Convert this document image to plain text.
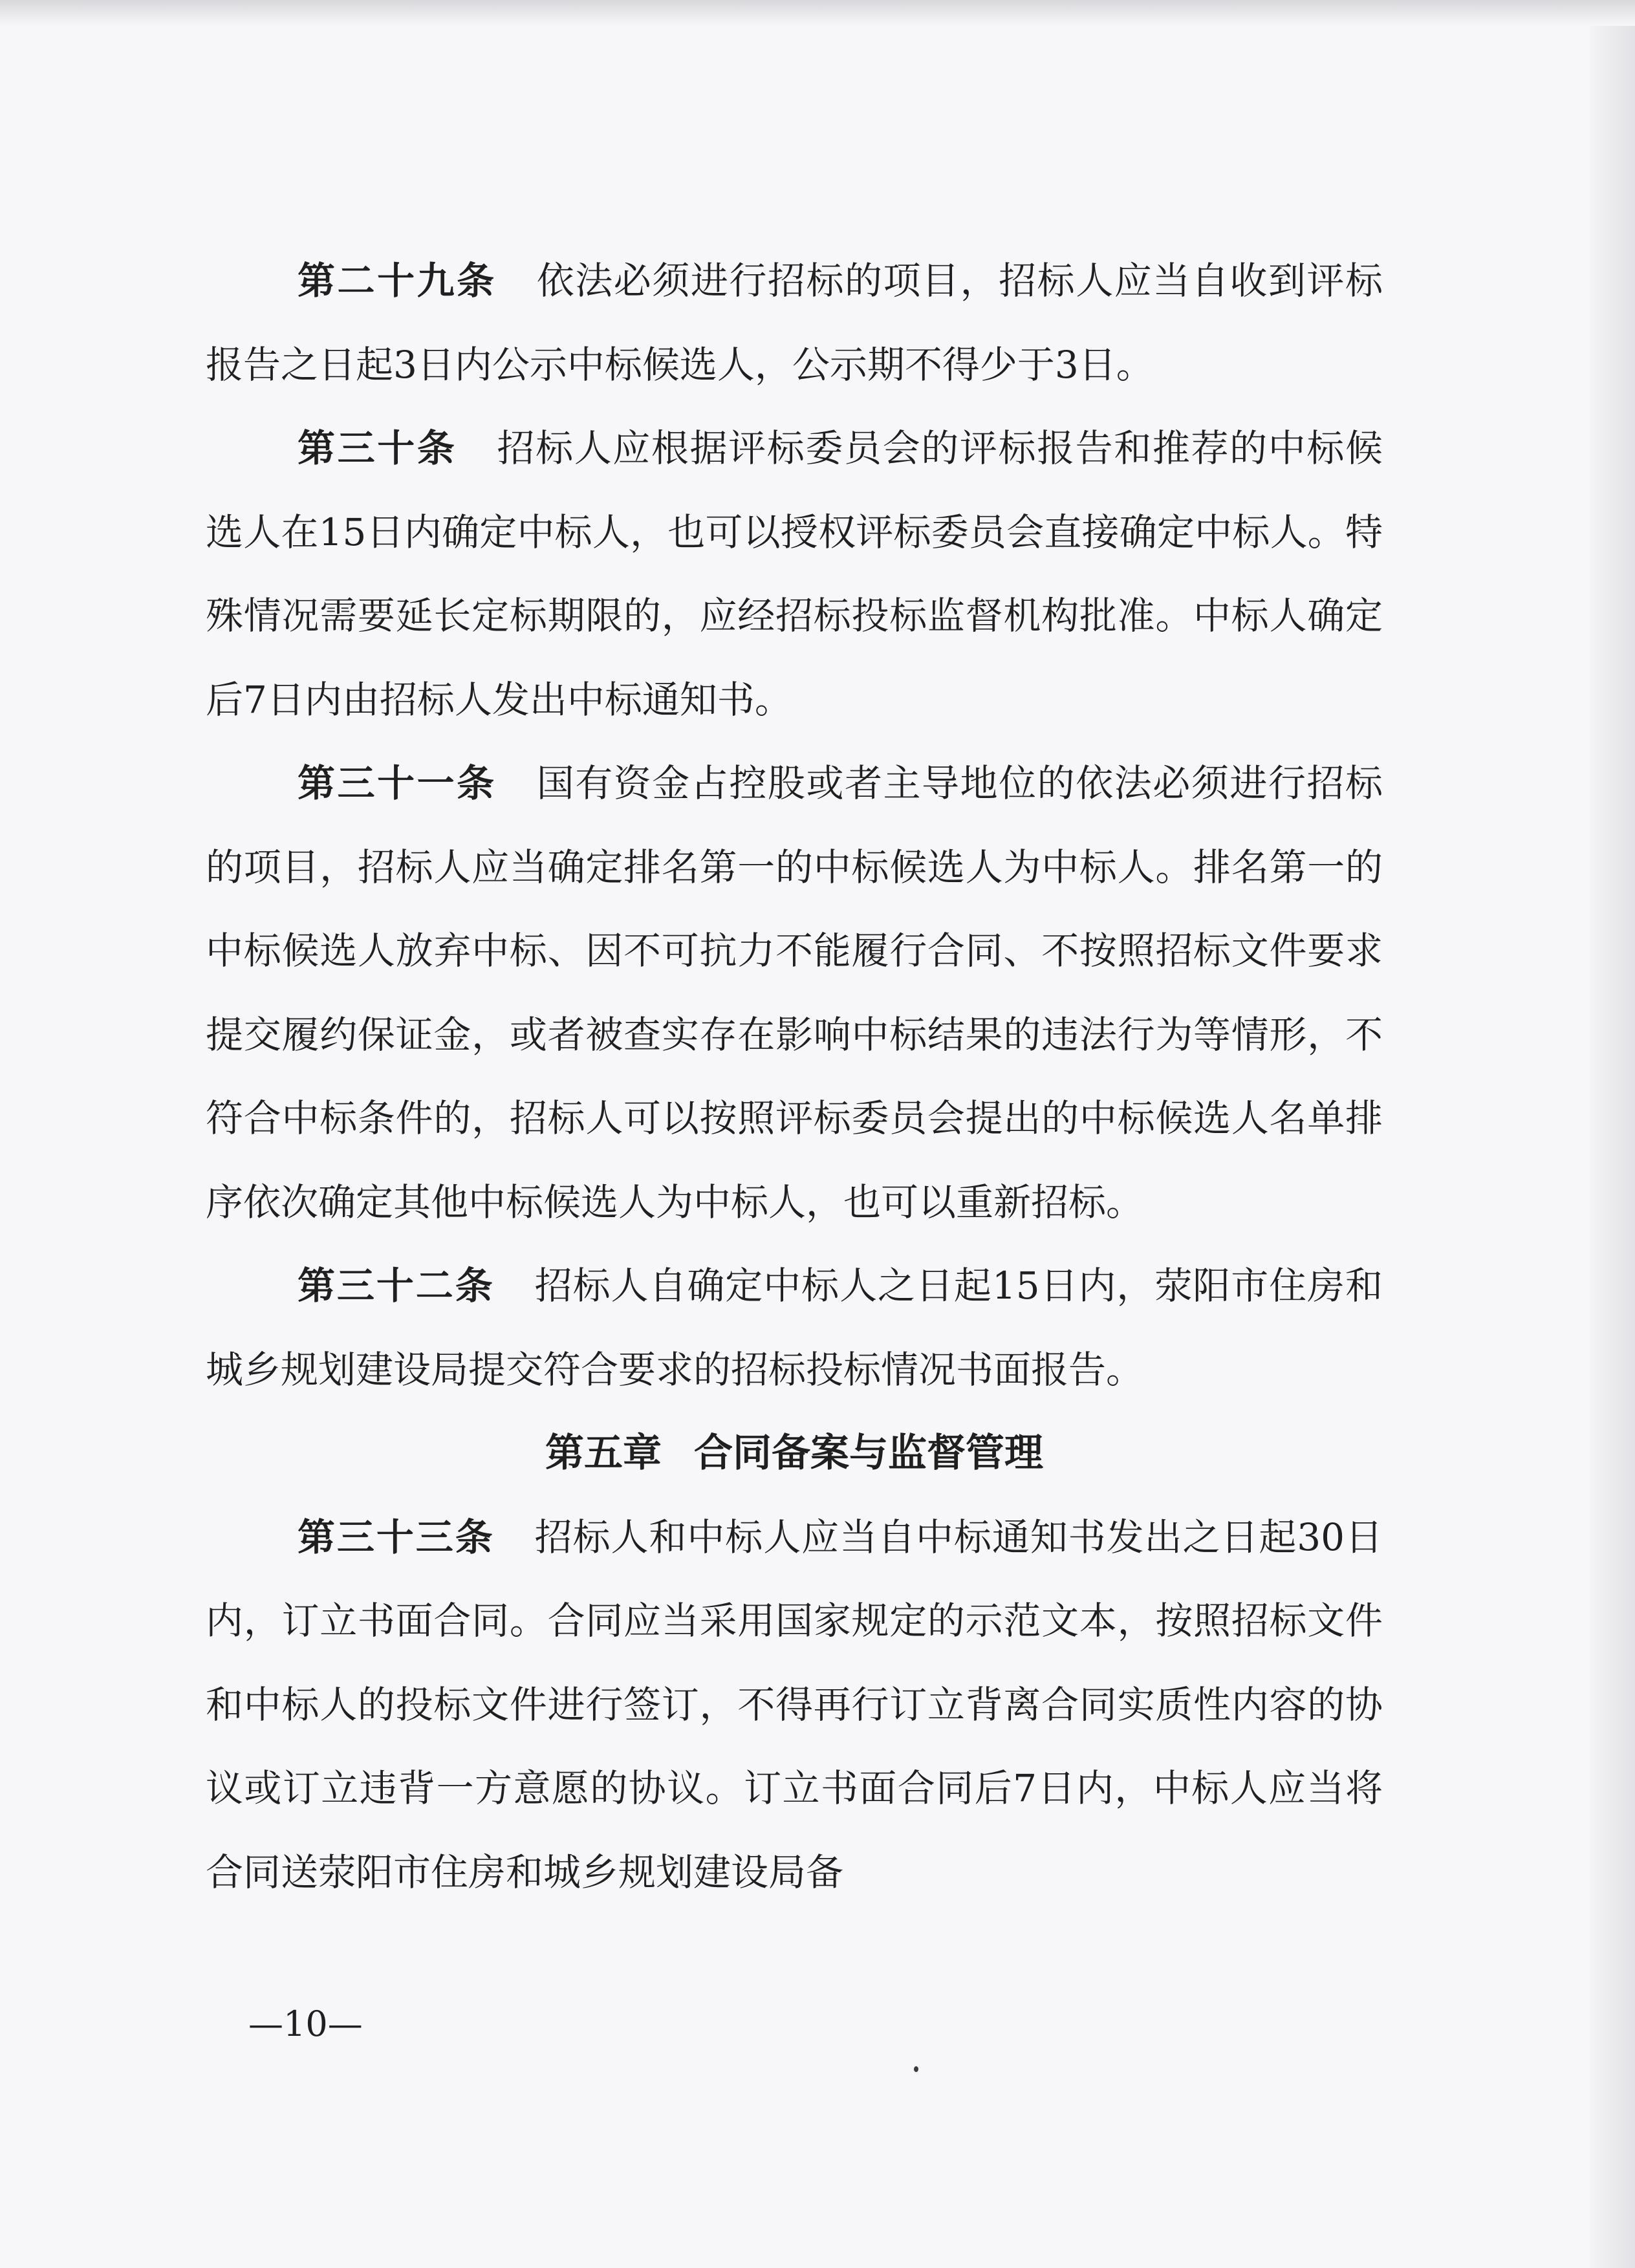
第二十九条 依法必须进行招标的项目，招标人应当自收到评标报告之日起3日内公示中标候选人，公示期不得少于3日。

第三十条 招标人应根据评标委员会的评标报告和推荐的中标候选人在15日内确定中标人，也可以授权评标委员会直接确定中标人。特殊情况需要延长定标期限的，应经招标投标监督机构批准。中标人确定后7日内由招标人发出中标通知书。

第三十一条 国有资金占控股或者主导地位的依法必须进行招标的项目，招标人应当确定排名第一的中标候选人为中标人。排名第一的中标候选人放弃中标、因不可抗力不能履行合同、不按照招标文件要求提交履约保证金，或者被查实存在影响中标结果的违法行为等情形，不符合中标条件的，招标人可以按照评标委员会提出的中标候选人名单排序依次确定其他中标候选人为中标人，也可以重新招标。

第三十二条 招标人自确定中标人之日起15日内，荥阳市住房和城乡规划建设局提交符合要求的招标投标情况书面报告。

第五章 合同备案与监督管理

第三十三条 招标人和中标人应当自中标通知书发出之日起30日内，订立书面合同。合同应当采用国家规定的示范文本，按照招标文件和中标人的投标文件进行签订，不得再行订立背离合同实质性内容的协议或订立违背一方意愿的协议。订立书面合同后7日内，中标人应当将合同送荥阳市住房和城乡规划建设局备

—10—
